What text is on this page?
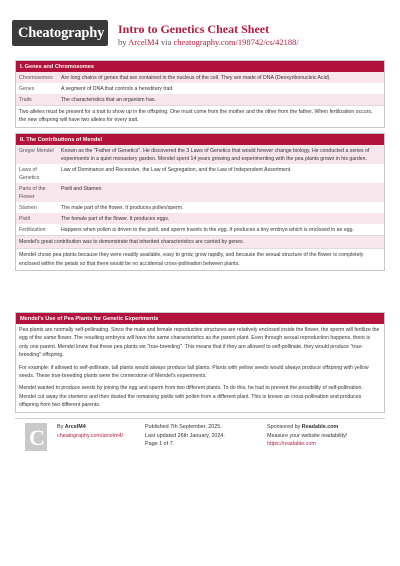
Cheatography Intro to Genetics Cheat Sheet
by ArcelM4 via cheatography.com/198742/cs/42188/
I. Genes and Chromosomes
Chromosomes	Are long chains of genes that are contained in the nucleus of the cell. They are made of DNA (Deoxyribonucleic Acid).
Genes	A segment of DNA that controls a hereditary trait.
Traits	The characteristics that an organism has.
Two alleles must be present for a trait to show up in the offspring. One must come from the mother and the other from the father. When fertilization occurs, the new offspring will have two alleles for every trait.
II. The Contributions of Mendel
Gregor Mendel	Known as the "Father of Genetics". He discovered the 3 Laws of Genetics that would forever change biology. He conducted a series of experiments in a quiet monastery garden. Mendel spent 14 years growing and experimenting with the pea plants grown in his garden.
Laws of Genetics	Law of Dominance and Recessive, the Law of Segregation, and the Law of Independent Assortment.
Parts of the Flower	Pistil and Stamen
Stamen	The male part of the flower. It produces pollen/sperm.
Pistil	The female part of the flower. It produces eggs.
Fertilization	Happens when pollen is driven to the pistil, and sperm travels to the egg. It produces a tiny embryo which is enclosed in an egg.
Mendel's great contribution was to demonstrate that inherited characteristics are carried by genes.
Mendel chose pea plants because they were readily available, easy to grow, grow rapidly, and because the sexual structure of the flower is completely enclosed within the petals so that there would be no accidental cross-pollination between plants.
Mendel's Use of Pea Plants for Genetic Experiments
Pea plants are normally self-pollinating. Since the male and female reproductive structures are relatively enclosed inside the flower, the sperm will fertilize the egg of the same flower. The resulting embryos will have the same characteristics as the parent plant. Even through sexual reproduction happens, there is only one parent. Mendel knew that these pea plants we "true-breeding". This means that if they are allowed to self-pollinate, they would produce "true-breeding" offspring.
For example: if allowed to self-pollinate, tall plants would always produce tall plants. Plants with yellow seeds would always produce offspring with yellow seeds. These true-breeding plants were the cornerstone of Mendel's experiments.
Mendel wanted to produce seeds by joining the egg and sperm from two different plants. To do this, he had to prevent the possibility of self-pollination. Mendel cut away the stamens and then dusted the remaining pistils with pollen from a different plant. This is known as cross-pollination and produces offspring from two different parents.
C By ArcelM4
cheatography.com/arcelm4/
Published 7th September, 2025.
Last updated 26th January, 2024.
Page 1 of 7.
Sponsored by Readable.com
Measure your website readability!
https://readable.com
